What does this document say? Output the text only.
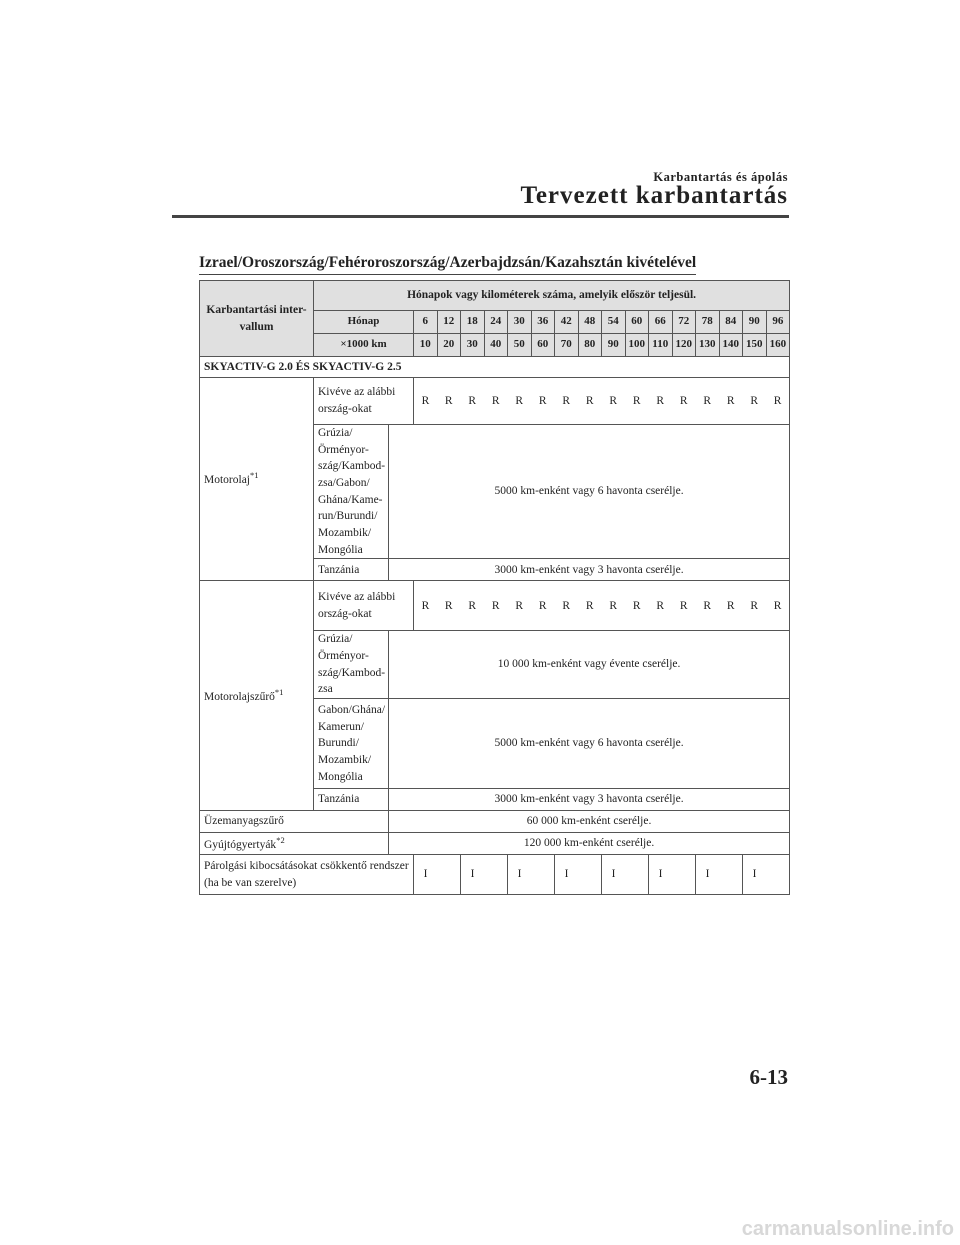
Karbantartás és ápolás
Tervezett karbantartás
Izrael/Oroszország/Fehéroroszország/Azerbajdzsán/Kazahsztán kivételével
Karbantartási inter-vallum	Hónapok vagy kilométerek száma, amelyik először teljesül.																	
	Hónap		6	12	18	24	30	36	42	48	54	60	66	72	78	84	90	96
	×1000 km		10	20	30	40	50	60	70	80	90	100	110	120	130	140	150	160
SKYACTIV-G 2.0 ÉS SKYACTIV-G 2.5																		
Motorolaj$^{*1}$	Kivéve az alábbi ország-okat		R	R	R	R	R	R	R	R	R	R	R	R	R	R	R	R
	Grúzia/ Örményor-szág/Kambod-zsa/Gabon/ Ghána/Kame-run/Burundi/ Mozambik/ Mongólia	5000 km-enként vagy 6 havonta cserélje.																
	Tanzánia	3000 km-enként vagy 3 havonta cserélje.																
Motorolajszűrő$^{*1}$	Kivéve az alábbi ország-okat		R	R	R	R	R	R	R	R	R	R	R	R	R	R	R	R
	Grúzia/ Örményor-szág/Kambod-zsa	10 000 km-enként vagy évente cserélje.																
	Gabon/Ghána/ Kamerun/ Burundi/ Mozambik/ Mongólia	5000 km-enként vagy 6 havonta cserélje.																
	Tanzánia	3000 km-enként vagy 3 havonta cserélje.																
Üzemanyagszűrő		60 000 km-enként cserélje.																
Gyújtógyertyák$^{*2}$		120 000 km-enként cserélje.																
Párolgási kibocsátásokat csökkentő rendszer (ha be van szerelve)			I		I		I		I		I		I		I		I	
6-13
carmanualsonline.info
